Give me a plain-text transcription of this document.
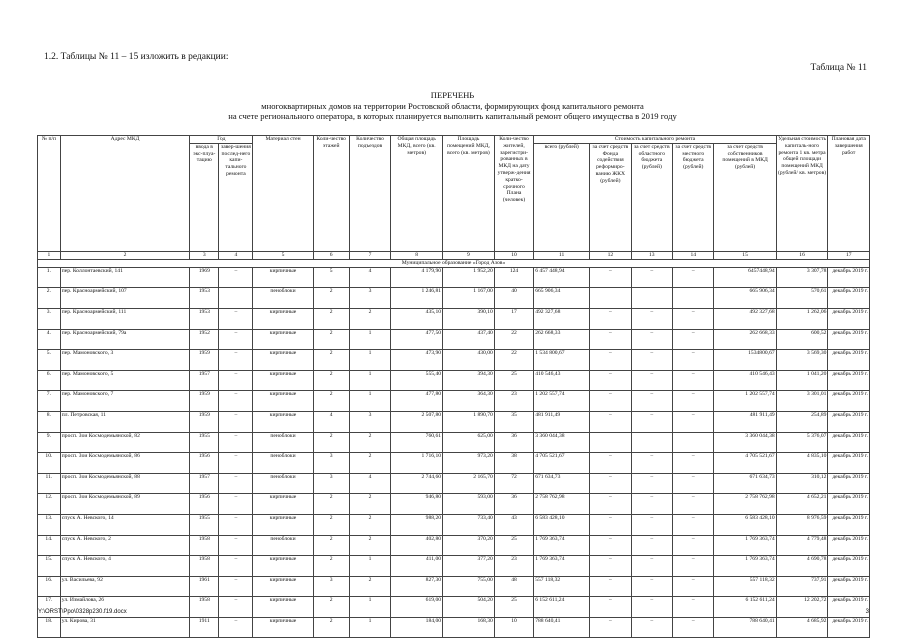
1.2. Таблицы № 11 – 15 изложить в редакции:
Таблица № 11
ПЕРЕЧЕНЬ
многоквартирных домов на территории Ростовской области, формирующих фонд капитального ремонта
на счете регионального оператора, в которых планируется выполнить капитальный ремонт общего имущества в 2019 году
№ п/п	Адрес МКД	Год		Материал стен	Коли-чество этажей	Количество подъездов	Общая площадь МКД, всего (кв. метров)	Площадь помещений МКД, всего (кв. метров)	Коли-чество жителей, зарегистри-рованных в МКД на дату утверж-дения кратко-срочного Плана (человек)	Стоимость капитального ремонта					Удельная стоимость капиталь-ного ремонта 1 кв. метра общей площади помещений МКД (рублей/ кв. метров)	Плановая дата завершения работ
		ввода в экс-плуа-тацию	завер-шения послед-него капи-тального ремонта							всего (рублей)	за счет средств Фонда содействия реформиро-ванию ЖКХ (рублей)	за счет средств областного бюджета (рублей)	за счет средств местного бюджета (рублей)	за счет средств собственников помещений в МКД (рублей)		
1	2	3	4	5	6	7	8	9	10	11	12	13	14	15	16	17
Муниципальное образование «Город Азов»																
1.	пер. Коллонтаевский, 141	1969	–	кирпичные	5	4	4 179,90	1 952,20	124	6 457 448,94	–	–	–	6457448,94	3 307,78	декабрь 2019 г.
2.	пер. Красноармейский, 107	1953		пеноблоки	2	3	1 246,81	1 167,00	40	665 906,34				665 906,34	570,61	декабрь 2019 г.
3.	пер. Красноармейский, 111	1953	–	кирпичные	2	2	435,10	390,10	17	492 327,68	–	–	–	492 327,68	1 262,06	декабрь 2019 г.
4.	пер. Красноармейский, 79а	1952	–	кирпичные	2	1	477,50	437,40	22	262 668,33	–	–	–	262 668,33	600,52	декабрь 2019 г.
5.	пер. Мамоновского, 3	1959	–	кирпичные	2	1	473,90	430,00	22	1 534 800,67	–	–	–	1534800,67	3 569,30	декабрь 2019 г.
6.	пер. Мамоновского, 5	1957	–	кирпичные	2	1	555,40	394,30	25	410 546,43	–	–	–	410 546,43	1 041,20	декабрь 2019 г.
7.	пер. Мамоновского, 7	1959	–	кирпичные	2	1	477,80	364,30	23	1 202 557,74	–	–	–	1 202 557,74	3 301,01	декабрь 2019 г.
8.	пл. Петровская, 11	1959	–	кирпичные	4	3	2 507,80	1 890,70	35	481 911,49	–	–	–	481 911,49	254,89	декабрь 2019 г.
9.	просп. Зои Космодемьянской, 82	1955	–	пеноблоки	2	2	760,61	625,00	36	3 360 044,38				3 360 044,38	5 376,07	декабрь 2019 г.
10.	просп. Зои Космодемьянской, 86	1956	–	пеноблоки	3	2	1 716,10	973,20	38	4 705 521,67	–	–	–	4 705 521,67	4 835,10	декабрь 2019 г.
11.	просп. Зои Космодемьянской, 88	1957	–	пеноблоки	3	4	2 744,60	2 165,70	72	671 634,73	–	–	–	671 634,73	310,12	декабрь 2019 г.
12.	просп. Зои Космодемьянской, 89	1956	–	кирпичные	2	2	946,80	593,00	36	2 758 762,98	–	–	–	2 758 762,98	4 652,21	декабрь 2019 г.
13.	спуск А. Невского, 14	1955	–	кирпичные	2	2	988,20	733,40	43	6 583 428,10	–	–	–	6 583 428,10	8 976,59	декабрь 2019 г.
14.	спуск А. Невского, 2	1958	–	пеноблоки	2	2	402,80	370,20	25	1 769 363,74	–	–	–	1 769 363,74	4 779,48	декабрь 2019 г.
15.	спуск А. Невского, 4	1958	–	кирпичные	2	1	411,00	377,20	23	1 769 363,74	–	–	–	1 769 363,74	4 690,78	декабрь 2019 г.
16.	ул. Васильева, 92	1961	–	кирпичные	3	2	827,30	755,00	48	557 118,32	–	–	–	557 118,32	737,91	декабрь 2019 г.
17.	ул. Измайлова, 26	1958	–	кирпичные	2	1	619,00	504,20	25	6 152 611,24	–	–	–	6 152 611,24	12 202,72	декабрь 2019 г.
18.	ул. Кирова, 31	1911	–	кирпичные	2	1	184,00	168,30	10	788 640,41	–	–	–	788 640,41	4 685,92	декабрь 2019 г.
Y:\ORST\Ppo\0328p230.f19.docx	3
